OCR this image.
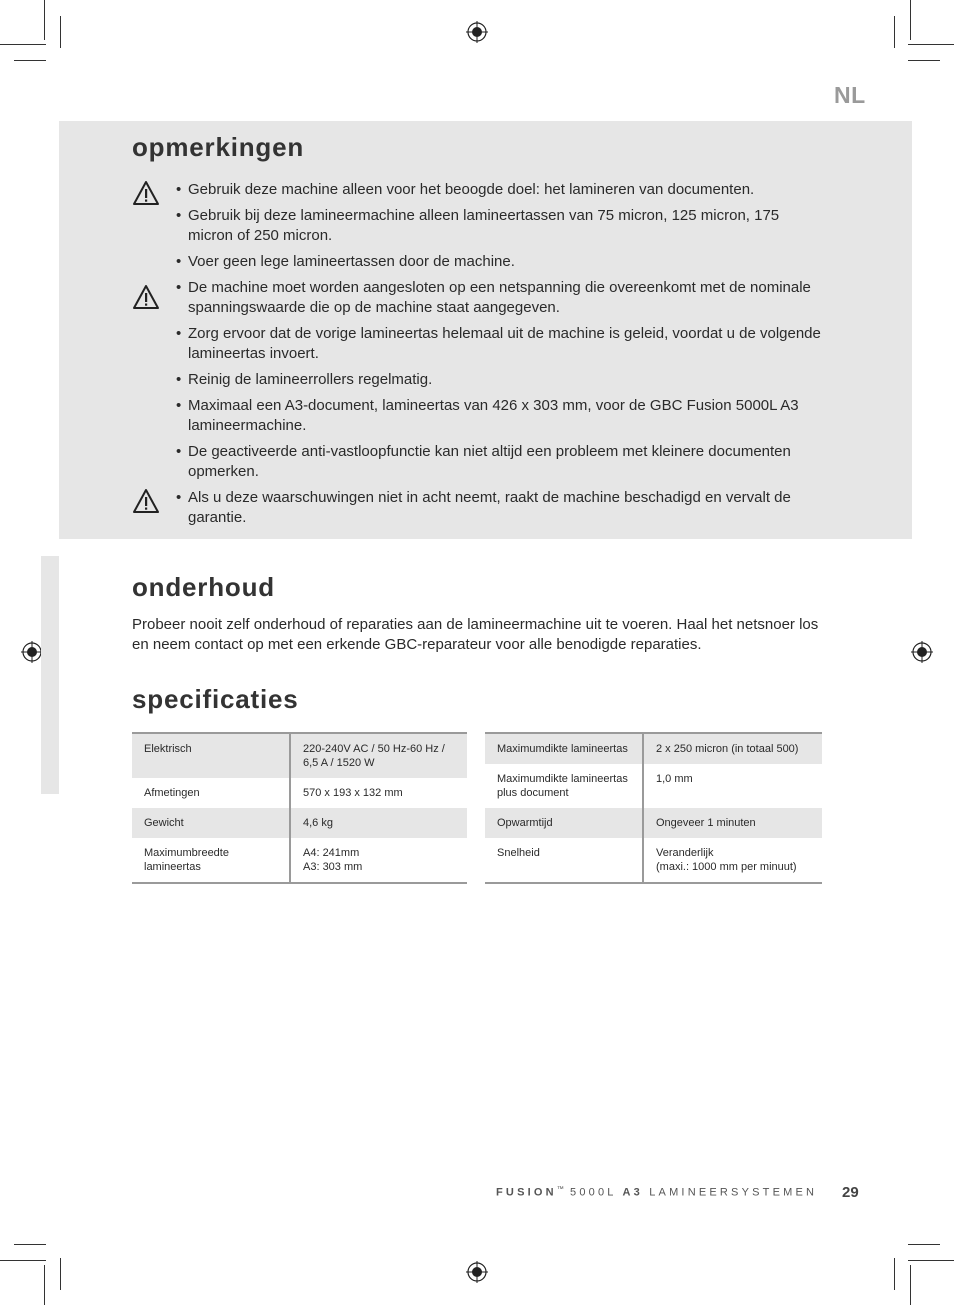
NL
opmerkingen
• Gebruik deze machine alleen voor het beoogde doel: het lamineren van documenten.
• Gebruik bij deze lamineermachine alleen lamineertassen van 75 micron, 125 micron, 175 micron of 250 micron.
• Voer geen lege lamineertassen door de machine.
• De machine moet worden aangesloten op een netspanning die overeenkomt met de nominale spanningswaarde die op de machine staat aangegeven.
• Zorg ervoor dat de vorige lamineertas helemaal uit de machine is geleid, voordat u de volgende lamineertas invoert.
• Reinig de lamineerrollers regelmatig.
• Maximaal een A3-document, lamineertas van 426 x 303 mm, voor de GBC Fusion 5000L A3 lamineermachine.
• De geactiveerde anti-vastloopfunctie kan niet altijd een probleem met kleinere documenten opmerken.
• Als u deze waarschuwingen niet in acht neemt, raakt de machine beschadigd en vervalt de garantie.
onderhoud

Probeer nooit zelf onderhoud of reparaties aan de lamineermachine uit te voeren. Haal het netsnoer los en neem contact op met een erkende GBC-reparateur voor alle benodigde reparaties.

specificaties
Elektrisch	220-240V AC / 50 Hz-60 Hz / 6,5 A / 1520 W
Afmetingen	570 x 193 x 132 mm
Gewicht	4,6 kg
Maximumbreedte lamineertas	A4: 241mm
A3: 303 mm
Maximumdikte lamineertas	2 x 250 micron (in totaal 500)
Maximumdikte lamineertas plus document	1,0 mm
Opwarmtijd	Ongeveer 1 minuten
Snelheid	Veranderlijk
(maxi.: 1000 mm per minuut)
FUSION™ 5000L A3 LAMINEERSYSTEMEN 29
